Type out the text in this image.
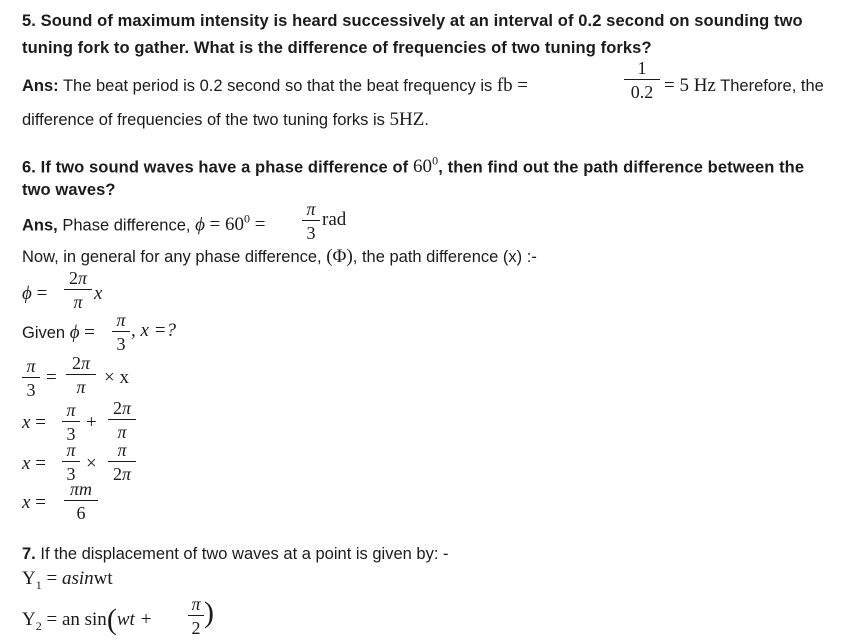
5. Sound of maximum intensity is heard successively at an interval of 0.2 second on sounding two
tuning fork to gather. What is the difference of frequencies of two tuning forks?
Ans: The beat period is 0.2 second so that the beat frequency is fb =
1
0.2 = 5 Hz Therefore, the
difference of frequencies of the two tuning forks is 5HZ.
6. If two sound waves have a phase difference of $60^0$, then find out the path difference between the
two waves?
Ans, Phase difference, $\phi = 60^0$ =
π
3
rad
Now, in general for any phase difference, (Φ), the path difference (x) :-
ϕ =
2π
π x
Given ϕ =
π
3
, x =?
π
3
=
2π
π × x
x =
π
3
+
2π
π
x =
π
3 ×
π
2π
x =
πm
6
7. If the displacement of two waves at a point is given by: -
$Y_1$ = asinwt
$Y_2$ = an sin(wt +
π
2 )
